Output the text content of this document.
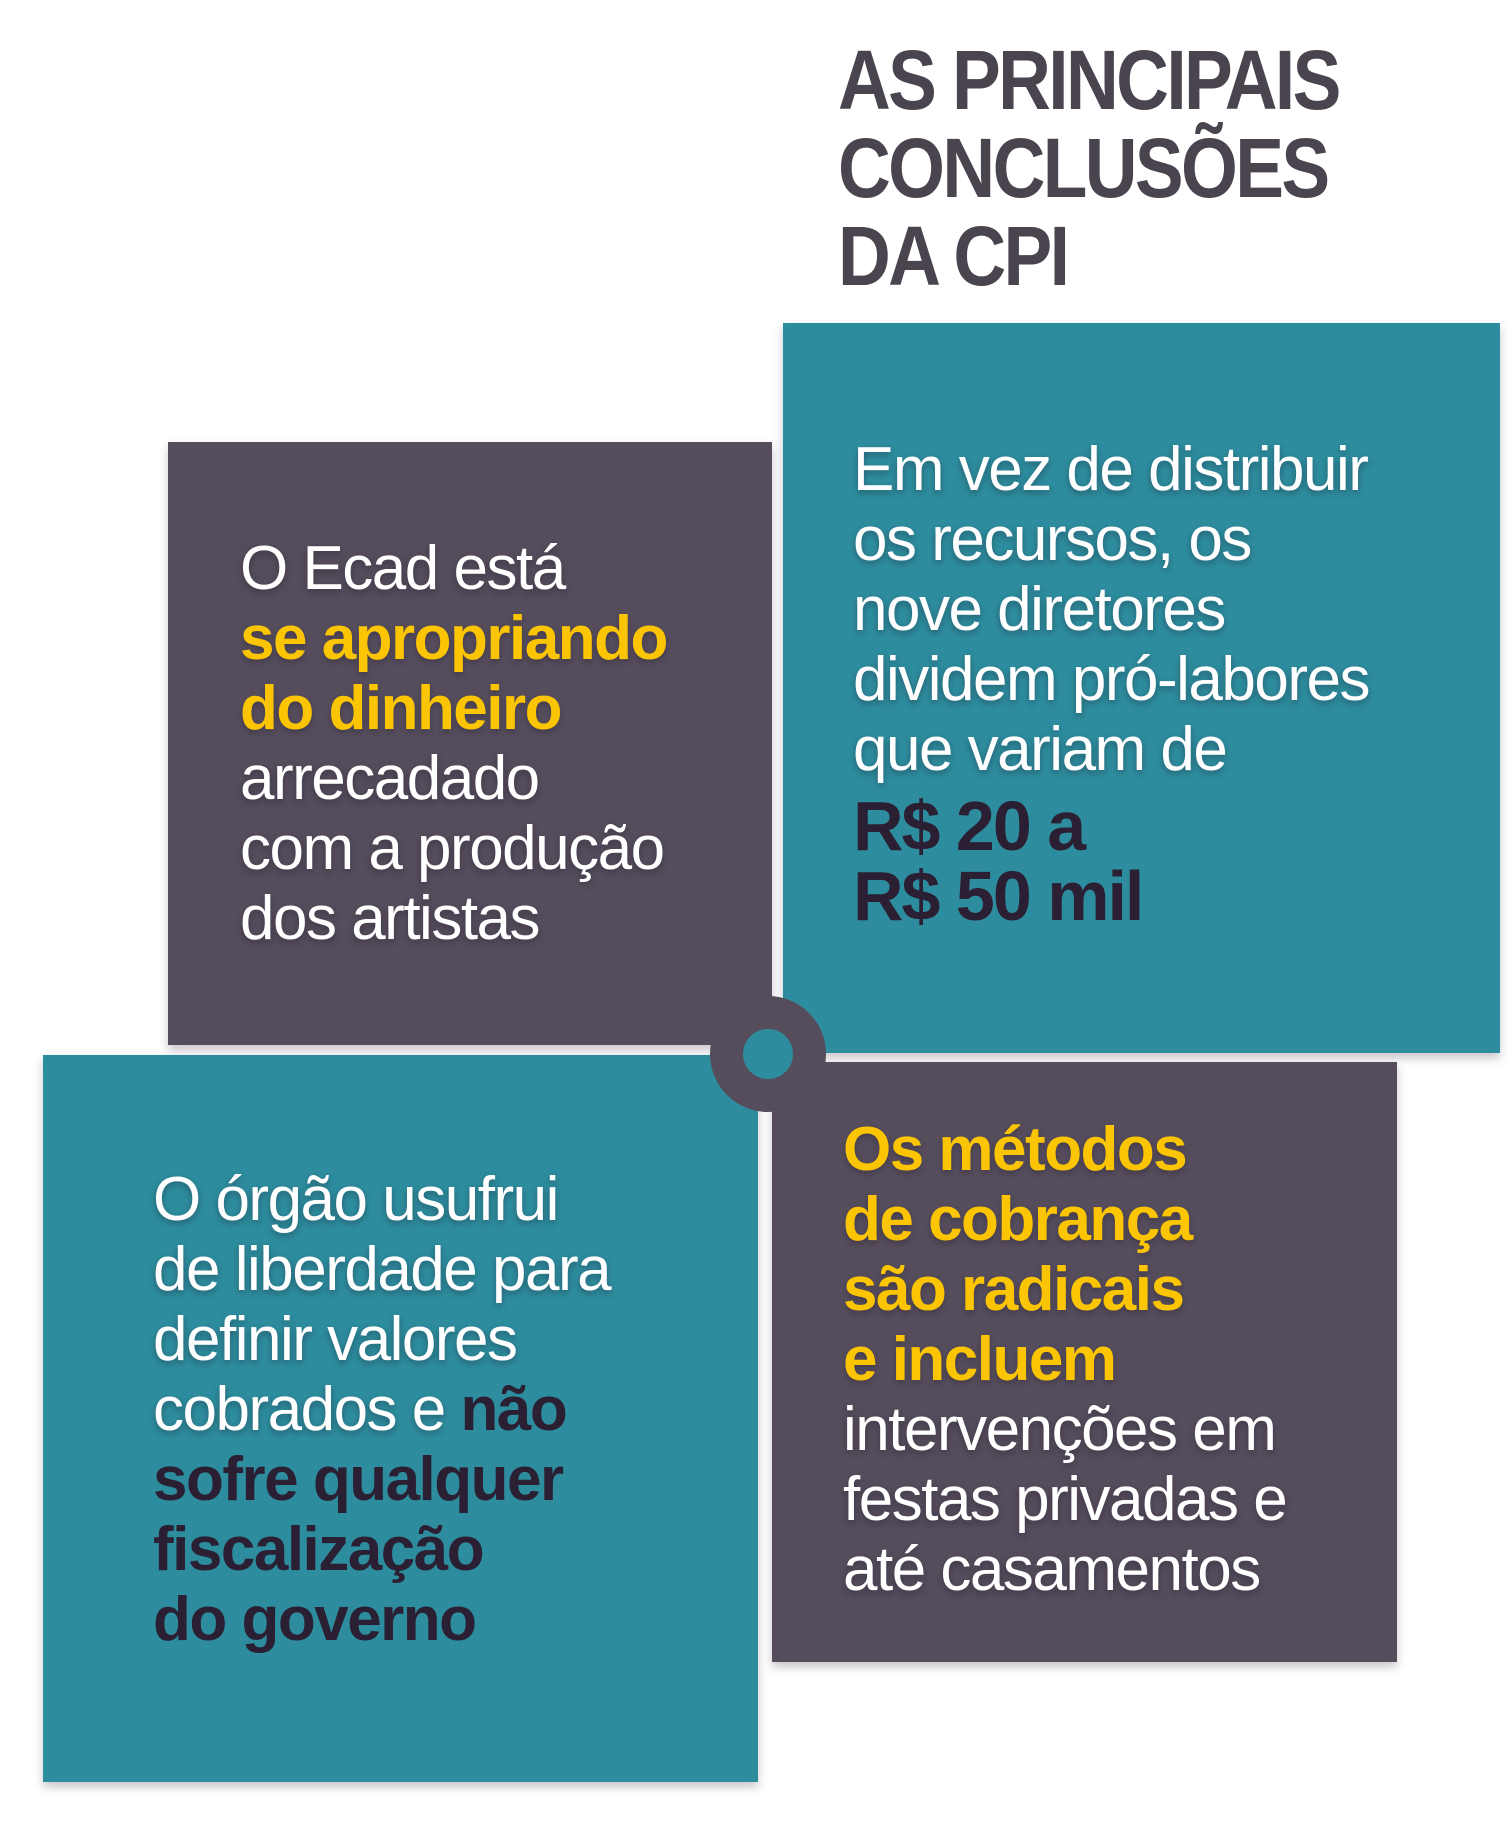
AS PRINCIPAIS
CONCLUSÕES
DA CPI

O Ecad está
se apropriando
do dinheiro
arrecadado
com a produção
dos artistas

Em vez de distribuir
os recursos, os
nove diretores
dividem pró-labores
que variam de

R$ 20 a
R$ 50 mil

O órgão usufrui
de liberdade para
definir valores
cobrados e não
sofre qualquer
fiscalização
do governo

Os métodos
de cobrança
são radicais
e incluem
intervenções em
festas privadas e
até casamentos
